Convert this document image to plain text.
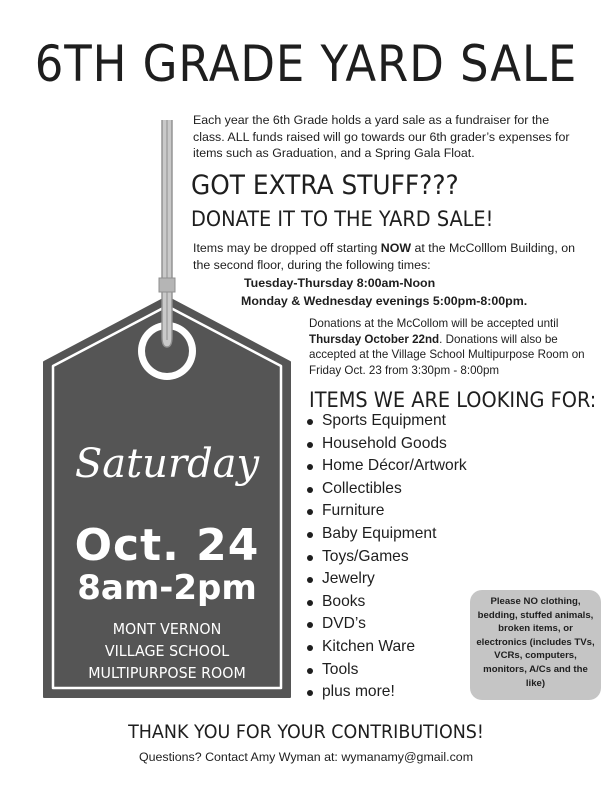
6TH GRADE YARD SALE
Each year the 6th Grade holds a yard sale as a fundraiser for the class. ALL funds raised will go towards our 6th grader’s expenses for items such as Graduation, and a Spring Gala Float.
GOT EXTRA STUFF???
DONATE IT TO THE YARD SALE!
Items may be dropped off starting NOW at the McColllom Building, on the second floor, during the following times:
Tuesday-Thursday 8:00am-Noon
Monday & Wednesday evenings 5:00pm-8:00pm.
Donations at the McCollom will be accepted until Thursday October 22nd. Donations will also be accepted at the Village School Multipurpose Room on Friday Oct. 23 from 3:30pm - 8:00pm
ITEMS WE ARE LOOKING FOR:
Sports Equipment
Household Goods
Home Décor/Artwork
Collectibles
Furniture
Baby Equipment
Toys/Games
Jewelry
Books
DVD’s
Kitchen Ware
Tools
plus more!
Please NO clothing, bedding, stuffed animals, broken items, or electronics (includes TVs, VCRs, computers, monitors, A/Cs and the like)
Saturday
Oct. 24
8am-2pm
MONT VERNON
VILLAGE SCHOOL
MULTIPURPOSE ROOM
THANK YOU FOR YOUR CONTRIBUTIONS!
Questions? Contact Amy Wyman at: wymanamy@gmail.com
